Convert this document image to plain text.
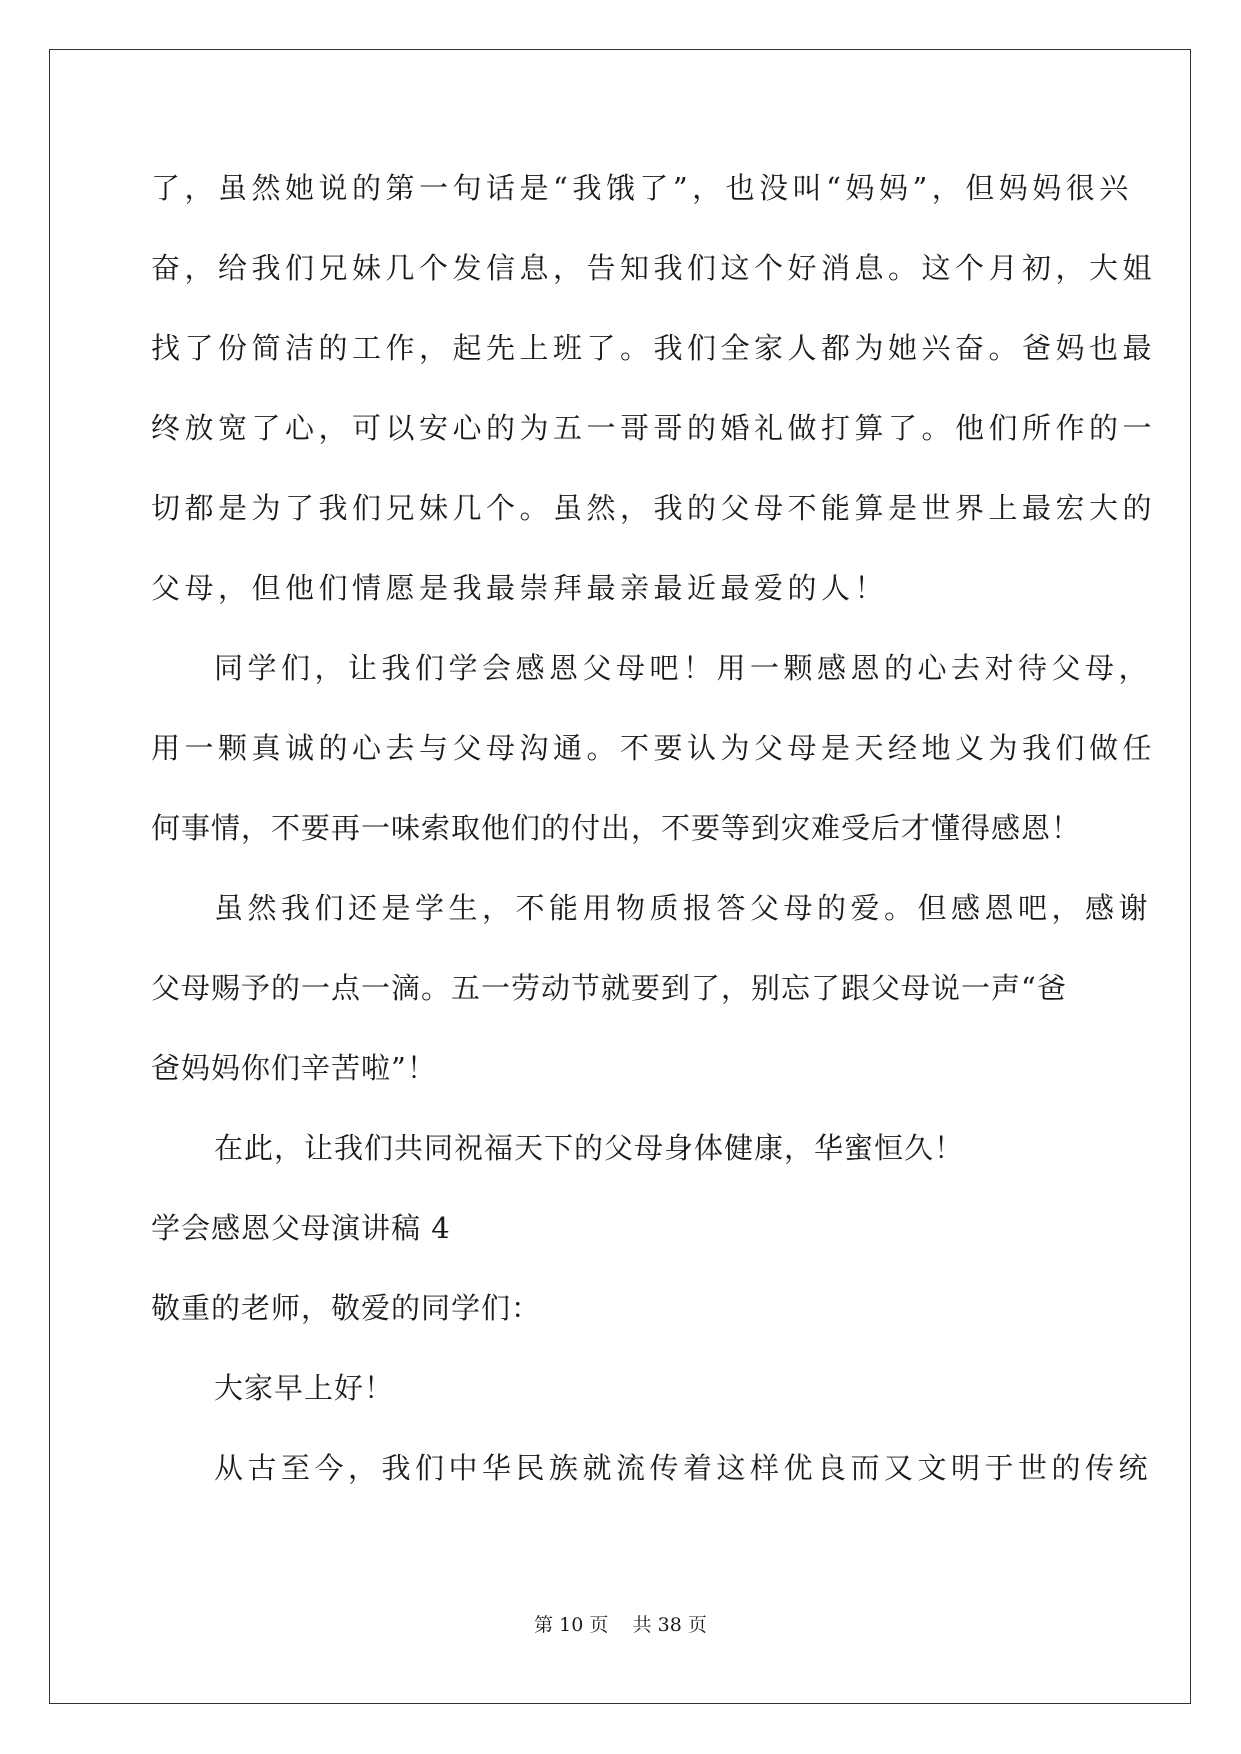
了，虽然她说的第一句话是“我饿了”，也没叫“妈妈”，但妈妈很兴
奋，给我们兄妹几个发信息，告知我们这个好消息。这个月初，大姐
找了份简洁的工作，起先上班了。我们全家人都为她兴奋。爸妈也最
终放宽了心，可以安心的为五一哥哥的婚礼做打算了。他们所作的一
切都是为了我们兄妹几个。虽然，我的父母不能算是世界上最宏大的
父母，但他们情愿是我最崇拜最亲最近最爱的人！
同学们，让我们学会感恩父母吧！用一颗感恩的心去对待父母，
用一颗真诚的心去与父母沟通。不要认为父母是天经地义为我们做任
何事情，不要再一味索取他们的付出，不要等到灾难受后才懂得感恩！
虽然我们还是学生，不能用物质报答父母的爱。但感恩吧，感谢
父母赐予的一点一滴。五一劳动节就要到了，别忘了跟父母说一声“爸
爸妈妈你们辛苦啦”！
在此，让我们共同祝福天下的父母身体健康，华蜜恒久！
学会感恩父母演讲稿 4
敬重的老师，敬爱的同学们：
大家早上好！
从古至今，我们中华民族就流传着这样优良而又文明于世的传统
第 10 页 共 38 页
